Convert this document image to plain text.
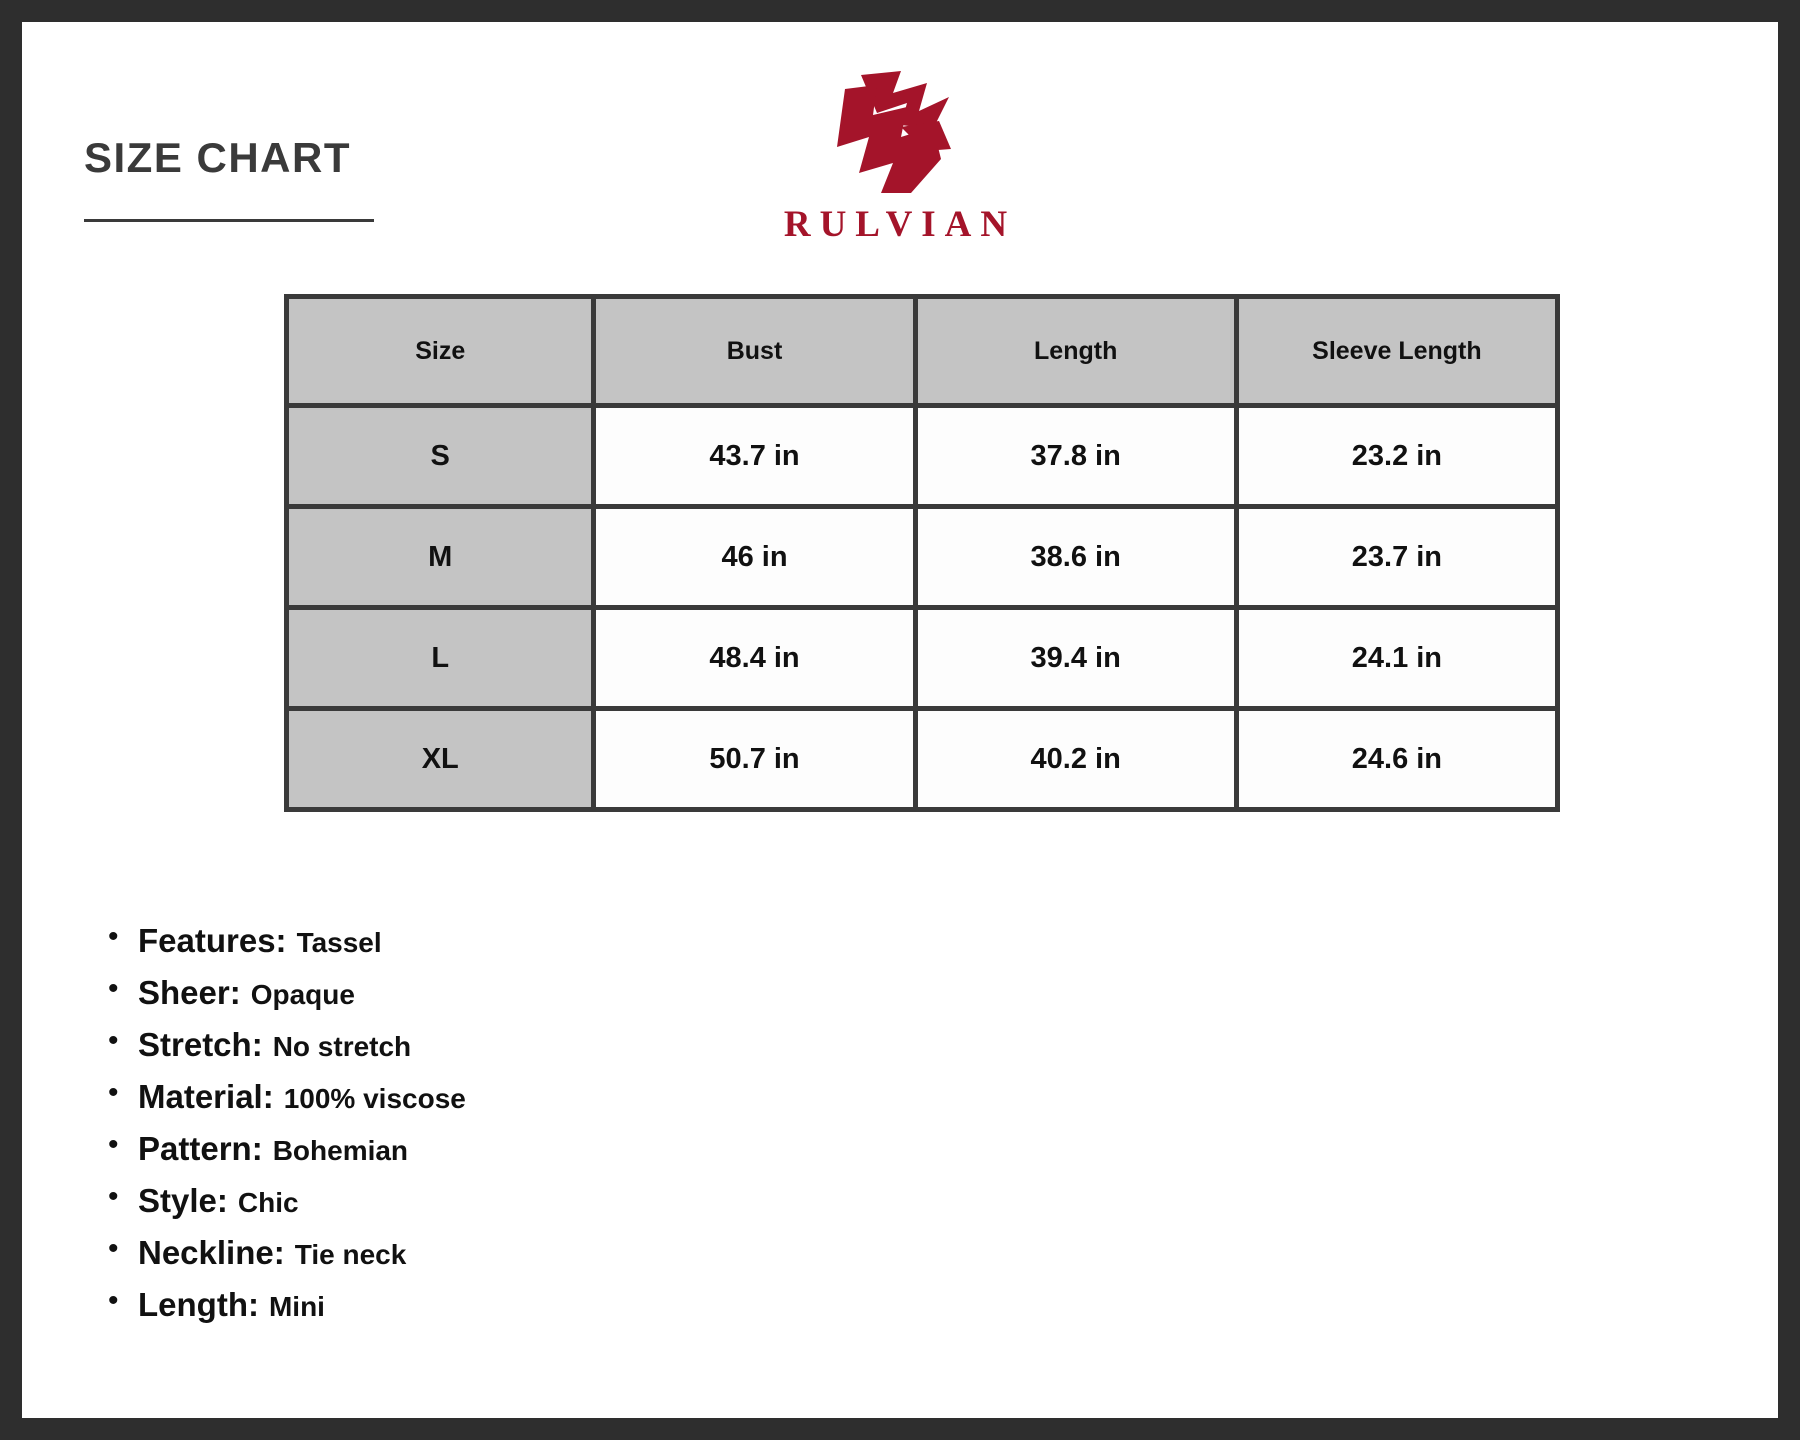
SIZE CHART
RULVIAN
Size	Bust	Length	Sleeve Length
S	43.7 in	37.8 in	23.2 in
M	46 in	38.6 in	23.7 in
L	48.4 in	39.4 in	24.1 in
XL	50.7 in	40.2 in	24.6 in
• Features: Tassel
• Sheer: Opaque
• Stretch: No stretch
• Material: 100% viscose
• Pattern: Bohemian
• Style: Chic
• Neckline: Tie neck
• Length: Mini
